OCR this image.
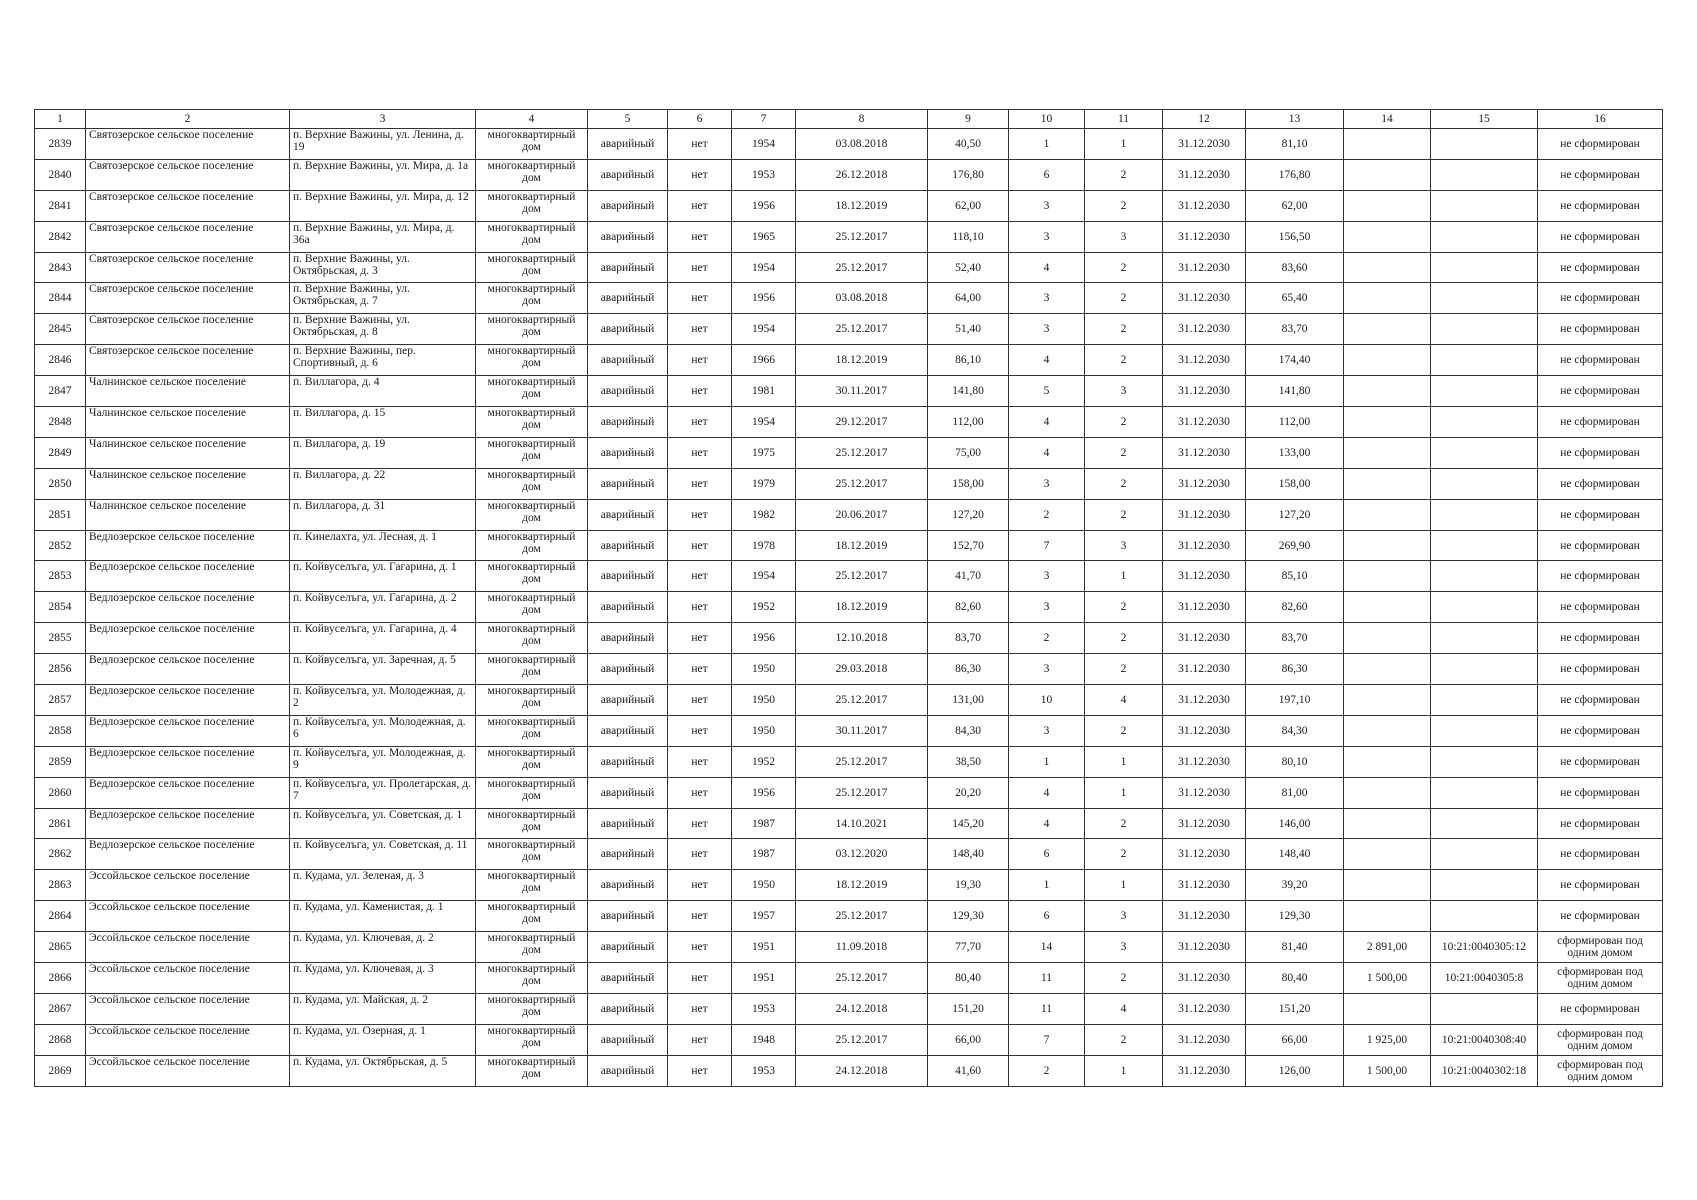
1	2	3	4	5	6	7	8	9	10	11	12	13	14	15	16
2839	Святозерское сельское поселение	п. Верхние Важины, ул. Ленина, д. 19	многоквартирный дом	аварийный	нет	1954	03.08.2018	40,50	1	1	31.12.2030	81,10			не сформирован
2840	Святозерское сельское поселение	п. Верхние Важины, ул. Мира, д. 1а	многоквартирный дом	аварийный	нет	1953	26.12.2018	176,80	6	2	31.12.2030	176,80			не сформирован
2841	Святозерское сельское поселение	п. Верхние Важины, ул. Мира, д. 12	многоквартирный дом	аварийный	нет	1956	18.12.2019	62,00	3	2	31.12.2030	62,00			не сформирован
2842	Святозерское сельское поселение	п. Верхние Важины, ул. Мира, д. 36а	многоквартирный дом	аварийный	нет	1965	25.12.2017	118,10	3	3	31.12.2030	156,50			не сформирован
2843	Святозерское сельское поселение	п. Верхние Важины, ул. Октябрьская, д. 3	многоквартирный дом	аварийный	нет	1954	25.12.2017	52,40	4	2	31.12.2030	83,60			не сформирован
2844	Святозерское сельское поселение	п. Верхние Важины, ул. Октябрьская, д. 7	многоквартирный дом	аварийный	нет	1956	03.08.2018	64,00	3	2	31.12.2030	65,40			не сформирован
2845	Святозерское сельское поселение	п. Верхние Важины, ул. Октябрьская, д. 8	многоквартирный дом	аварийный	нет	1954	25.12.2017	51,40	3	2	31.12.2030	83,70			не сформирован
2846	Святозерское сельское поселение	п. Верхние Важины, пер. Спортивный, д. 6	многоквартирный дом	аварийный	нет	1966	18.12.2019	86,10	4	2	31.12.2030	174,40			не сформирован
2847	Чалнинское сельское поселение	п. Виллагора, д. 4	многоквартирный дом	аварийный	нет	1981	30.11.2017	141,80	5	3	31.12.2030	141,80			не сформирован
2848	Чалнинское сельское поселение	п. Виллагора, д. 15	многоквартирный дом	аварийный	нет	1954	29.12.2017	112,00	4	2	31.12.2030	112,00			не сформирован
2849	Чалнинское сельское поселение	п. Виллагора, д. 19	многоквартирный дом	аварийный	нет	1975	25.12.2017	75,00	4	2	31.12.2030	133,00			не сформирован
2850	Чалнинское сельское поселение	п. Виллагора, д. 22	многоквартирный дом	аварийный	нет	1979	25.12.2017	158,00	3	2	31.12.2030	158,00			не сформирован
2851	Чалнинское сельское поселение	п. Виллагора, д. 31	многоквартирный дом	аварийный	нет	1982	20.06.2017	127,20	2	2	31.12.2030	127,20			не сформирован
2852	Ведлозерское сельское поселение	п. Кинелахта, ул. Лесная, д. 1	многоквартирный дом	аварийный	нет	1978	18.12.2019	152,70	7	3	31.12.2030	269,90			не сформирован
2853	Ведлозерское сельское поселение	п. Койвуселъга, ул. Гагарина, д. 1	многоквартирный дом	аварийный	нет	1954	25.12.2017	41,70	3	1	31.12.2030	85,10			не сформирован
2854	Ведлозерское сельское поселение	п. Койвуселъга, ул. Гагарина, д. 2	многоквартирный дом	аварийный	нет	1952	18.12.2019	82,60	3	2	31.12.2030	82,60			не сформирован
2855	Ведлозерское сельское поселение	п. Койвуселъга, ул. Гагарина, д. 4	многоквартирный дом	аварийный	нет	1956	12.10.2018	83,70	2	2	31.12.2030	83,70			не сформирован
2856	Ведлозерское сельское поселение	п. Койвуселъга, ул. Заречная, д. 5	многоквартирный дом	аварийный	нет	1950	29.03.2018	86,30	3	2	31.12.2030	86,30			не сформирован
2857	Ведлозерское сельское поселение	п. Койвуселъга, ул. Молодежная, д. 2	многоквартирный дом	аварийный	нет	1950	25.12.2017	131,00	10	4	31.12.2030	197,10			не сформирован
2858	Ведлозерское сельское поселение	п. Койвуселъга, ул. Молодежная, д. 6	многоквартирный дом	аварийный	нет	1950	30.11.2017	84,30	3	2	31.12.2030	84,30			не сформирован
2859	Ведлозерское сельское поселение	п. Койвуселъга, ул. Молодежная, д. 9	многоквартирный дом	аварийный	нет	1952	25.12.2017	38,50	1	1	31.12.2030	80,10			не сформирован
2860	Ведлозерское сельское поселение	п. Койвуселъга, ул. Пролетарская, д. 7	многоквартирный дом	аварийный	нет	1956	25.12.2017	20,20	4	1	31.12.2030	81,00			не сформирован
2861	Ведлозерское сельское поселение	п. Койвуселъга, ул. Советская, д. 1	многоквартирный дом	аварийный	нет	1987	14.10.2021	145,20	4	2	31.12.2030	146,00			не сформирован
2862	Ведлозерское сельское поселение	п. Койвуселъга, ул. Советская, д. 11	многоквартирный дом	аварийный	нет	1987	03.12.2020	148,40	6	2	31.12.2030	148,40			не сформирован
2863	Эссойльское сельское поселение	п. Кудама, ул. Зеленая, д. 3	многоквартирный дом	аварийный	нет	1950	18.12.2019	19,30	1	1	31.12.2030	39,20			не сформирован
2864	Эссойльское сельское поселение	п. Кудама, ул. Каменистая, д. 1	многоквартирный дом	аварийный	нет	1957	25.12.2017	129,30	6	3	31.12.2030	129,30			не сформирован
2865	Эссойльское сельское поселение	п. Кудама, ул. Ключевая, д. 2	многоквартирный дом	аварийный	нет	1951	11.09.2018	77,70	14	3	31.12.2030	81,40	2 891,00	10:21:0040305:12	сформирован под одним домом
2866	Эссойльское сельское поселение	п. Кудама, ул. Ключевая, д. 3	многоквартирный дом	аварийный	нет	1951	25.12.2017	80,40	11	2	31.12.2030	80,40	1 500,00	10:21:0040305:8	сформирован под одним домом
2867	Эссойльское сельское поселение	п. Кудама, ул. Майская, д. 2	многоквартирный дом	аварийный	нет	1953	24.12.2018	151,20	11	4	31.12.2030	151,20			не сформирован
2868	Эссойльское сельское поселение	п. Кудама, ул. Озерная, д. 1	многоквартирный дом	аварийный	нет	1948	25.12.2017	66,00	7	2	31.12.2030	66,00	1 925,00	10:21:0040308:40	сформирован под одним домом
2869	Эссойльское сельское поселение	п. Кудама, ул. Октябрьская, д. 5	многоквартирный дом	аварийный	нет	1953	24.12.2018	41,60	2	1	31.12.2030	126,00	1 500,00	10:21:0040302:18	сформирован под одним домом
